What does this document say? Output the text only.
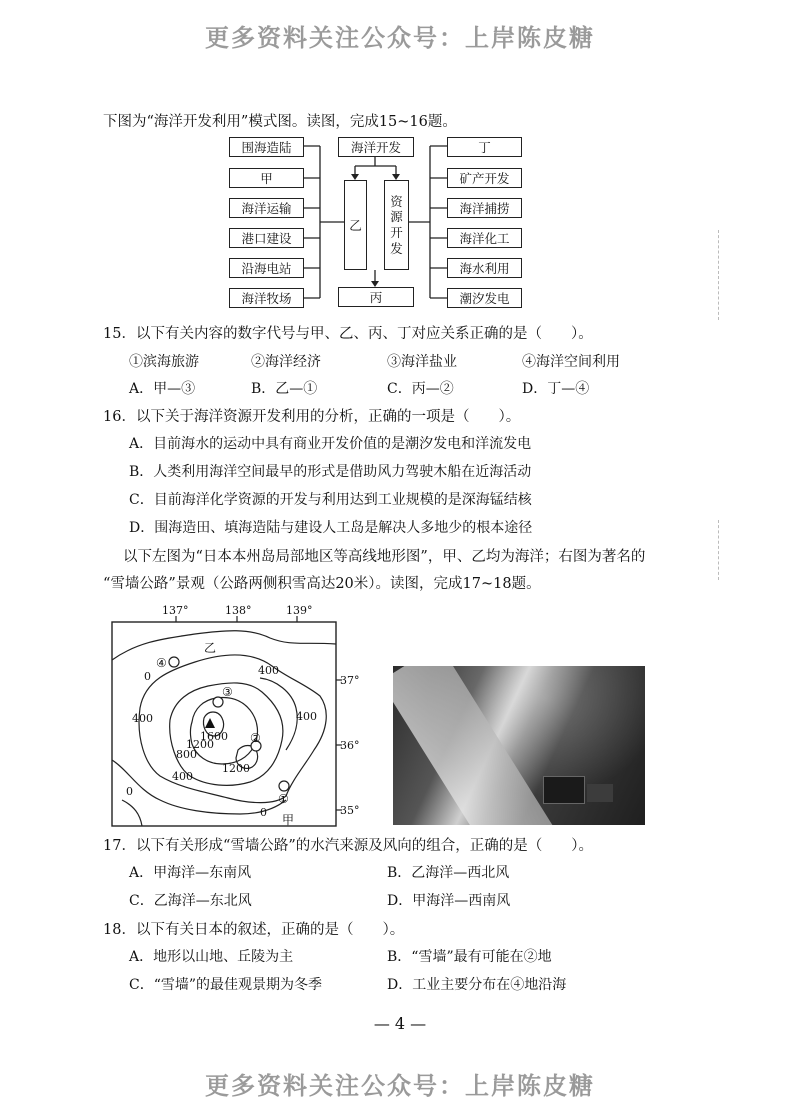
更多资料关注公众号：上岸陈皮糖
下图为“海洋开发利用”模式图。读图，完成15~16题。
围海造陆
甲
海洋运输
港口建设
沿海电站
海洋牧场
海洋开发
乙
资
源
开
发
丙
丁
矿产开发
海洋捕捞
海洋化工
海水利用
潮汐发电
15．以下有关内容的数字代号与甲、乙、丙、丁对应关系正确的是（　　）。
①滨海旅游	②海洋经济	③海洋盐业	④海洋空间利用
A．甲—③	B．乙—①	C．丙—②	D．丁—④
16．以下关于海洋资源开发利用的分析，正确的一项是（　　）。
A．目前海水的运动中具有商业开发价值的是潮汐发电和洋流发电
B．人类利用海洋空间最早的形式是借助风力驾驶木船在近海活动
C．目前海洋化学资源的开发与利用达到工业规模的是深海锰结核
D．围海造田、填海造陆与建设人工岛是解决人多地少的根本途径
以下左图为“日本本州岛局部地区等高线地形图”，甲、乙均为海洋；右图为著名的
“雪墙公路”景观（公路两侧积雪高达20米）。读图，完成17~18题。
137°	138°	139°
37°
36°
35°
0	400
400
800
1200
1600
1200
400
0
0
400
乙
甲
④
③
②
①
17．以下有关形成“雪墙公路”的水汽来源及风向的组合，正确的是（　　）。
A．甲海洋—东南风	B．乙海洋—西北风
C．乙海洋—东北风	D．甲海洋—西南风
18．以下有关日本的叙述，正确的是（　　）。
A．地形以山地、丘陵为主	B．“雪墙”最有可能在②地
C．“雪墙”的最佳观景期为冬季	D．工业主要分布在④地沿海
— 4 —
更多资料关注公众号：上岸陈皮糖
